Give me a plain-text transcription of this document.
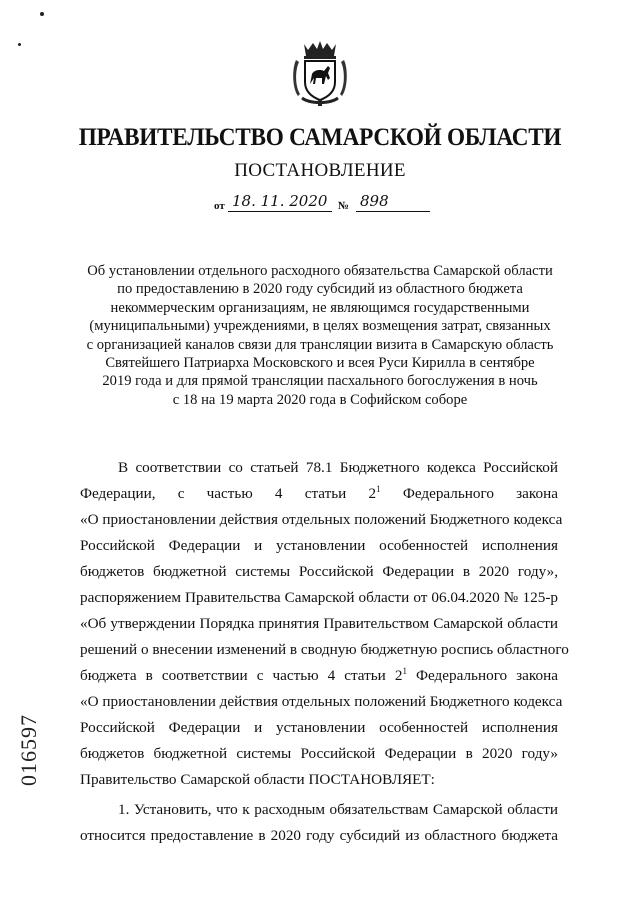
ПРАВИТЕЛЬСТВО САМАРСКОЙ ОБЛАСТИ
ПОСТАНОВЛЕНИЕ
от 18. 11. 2020 № 898
Об установлении отдельного расходного обязательства Самарской области
по предоставлению в 2020 году субсидий из областного бюджета
некоммерческим организациям, не являющимся государственными
(муниципальными) учреждениями, в целях возмещения затрат, связанных
с организацией каналов связи для трансляции визита в Самарскую область
Святейшего Патриарха Московского и всея Руси Кирилла в сентябре
2019 года и для прямой трансляции пасхального богослужения в ночь
с 18 на 19 марта 2020 года в Софийском соборе
В соответствии со статьей 78.1 Бюджетного кодекса Российской
Федерации, с частью 4 статьи $2^1$ Федерального закона
«О приостановлении действия отдельных положений Бюджетного кодекса
Российской Федерации и установлении особенностей исполнения
бюджетов бюджетной системы Российской Федерации в 2020 году»,
распоряжением Правительства Самарской области от 06.04.2020 № 125-р
«Об утверждении Порядка принятия Правительством Самарской области
решений о внесении изменений в сводную бюджетную роспись областного
бюджета в соответствии с частью 4 статьи $2^1$ Федерального закона
«О приостановлении действия отдельных положений Бюджетного кодекса
Российской Федерации и установлении особенностей исполнения
бюджетов бюджетной системы Российской Федерации в 2020 году»
Правительство Самарской области ПОСТАНОВЛЯЕТ:
1. Установить, что к расходным обязательствам Самарской области
относится предоставление в 2020 году субсидий из областного бюджета
016597
